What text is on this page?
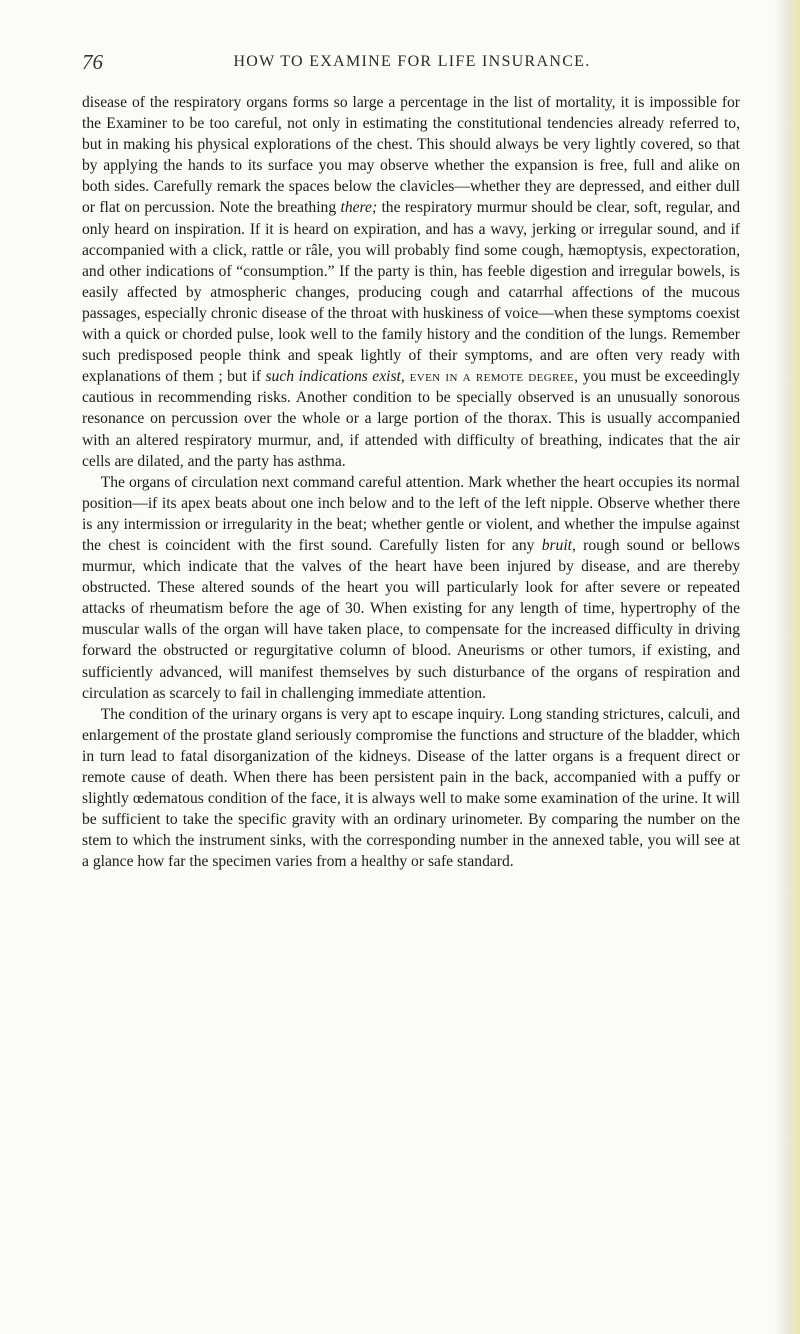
76	HOW TO EXAMINE FOR LIFE INSURANCE.

disease of the respiratory organs forms so large a percentage in the list of mortality, it is impossible for the Examiner to be too careful, not only in estimating the constitutional tendencies already referred to, but in making his physical explorations of the chest. This should always be very lightly covered, so that by applying the hands to its surface you may observe whether the expansion is free, full and alike on both sides. Carefully remark the spaces below the clavicles—whether they are depressed, and either dull or flat on percussion. Note the breathing there; the respiratory murmur should be clear, soft, regular, and only heard on inspiration. If it is heard on expiration, and has a wavy, jerking or irregular sound, and if accompanied with a click, rattle or râle, you will probably find some cough, hæmoptysis, expectoration, and other indications of “consumption.” If the party is thin, has feeble digestion and irregular bowels, is easily affected by atmospheric changes, producing cough and catarrhal affections of the mucous passages, especially chronic disease of the throat with huskiness of voice—when these symptoms coexist with a quick or chorded pulse, look well to the family history and the condition of the lungs. Remember such predisposed people think and speak lightly of their symptoms, and are often very ready with explanations of them ; but if such indications exist, even in a remote degree, you must be exceedingly cautious in recommending risks. Another condition to be specially observed is an unusually sonorous resonance on percussion over the whole or a large portion of the thorax. This is usually accompanied with an altered respiratory murmur, and, if attended with difficulty of breathing, indicates that the air cells are dilated, and the party has asthma.

The organs of circulation next command careful attention. Mark whether the heart occupies its normal position—if its apex beats about one inch below and to the left of the left nipple. Observe whether there is any intermission or irregularity in the beat; whether gentle or violent, and whether the impulse against the chest is coincident with the first sound. Carefully listen for any bruit, rough sound or bellows murmur, which indicate that the valves of the heart have been injured by disease, and are thereby obstructed. These altered sounds of the heart you will particularly look for after severe or repeated attacks of rheumatism before the age of 30. When existing for any length of time, hypertrophy of the muscular walls of the organ will have taken place, to compensate for the increased difficulty in driving forward the obstructed or regurgitative column of blood. Aneurisms or other tumors, if existing, and sufficiently advanced, will manifest themselves by such disturbance of the organs of respiration and circulation as scarcely to fail in challenging immediate attention.

The condition of the urinary organs is very apt to escape inquiry. Long standing strictures, calculi, and enlargement of the prostate gland seriously compromise the functions and structure of the bladder, which in turn lead to fatal disorganization of the kidneys. Disease of the latter organs is a frequent direct or remote cause of death. When there has been persistent pain in the back, accompanied with a puffy or slightly œdematous condition of the face, it is always well to make some examination of the urine. It will be sufficient to take the specific gravity with an ordinary urinometer. By comparing the number on the stem to which the instrument sinks, with the corresponding number in the annexed table, you will see at a glance how far the specimen varies from a healthy or safe standard.
